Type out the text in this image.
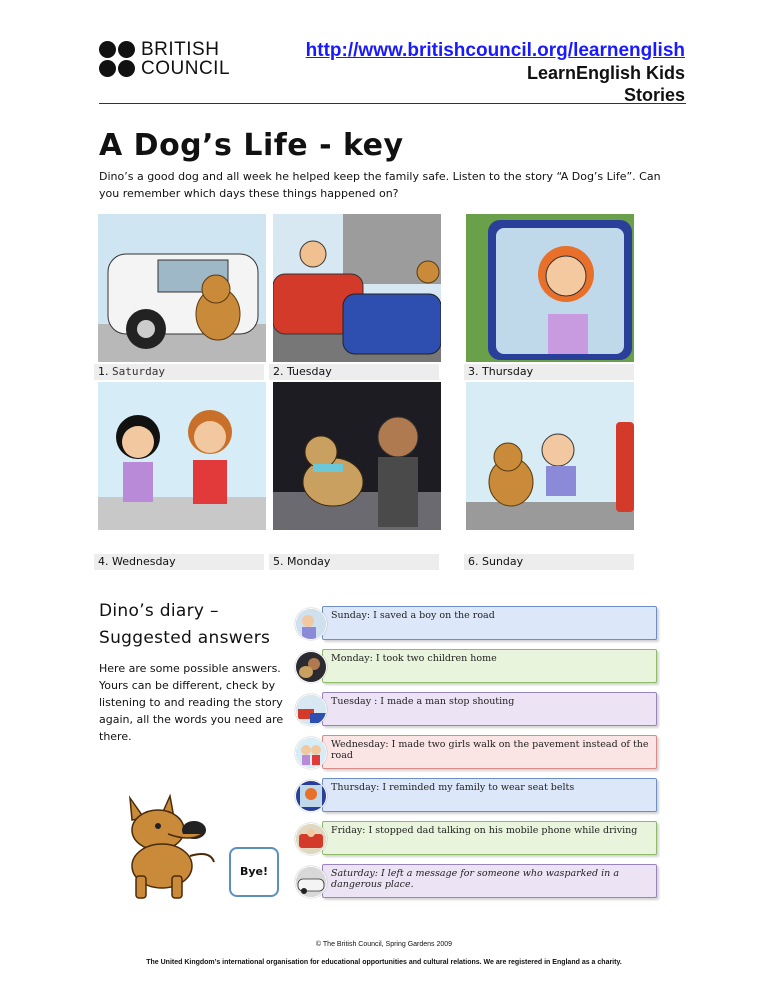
BRITISH
COUNCIL
http://www.britishcouncil.org/learnenglish
LearnEnglish Kids
Stories
A Dog’s Life - key
Dino’s a good dog and all week he helped keep the family safe. Listen to the story “A Dog’s Life”. Can you remember which days these things happened on?
1. Saturday	2. Tuesday	3. Thursday
4. Wednesday	5. Monday	6. Sunday
Dino’s diary –
Suggested answers
Here are some possible answers. Yours can be different, check by listening to and reading the story again, all the words you need are there.
Sunday: I saved a boy on the road
Monday: I took two children home
Tuesday : I made a man stop shouting
Wednesday: I made two girls walk on the pavement instead of the road
Thursday: I reminded my family to wear seat belts
Friday: I stopped dad talking on his mobile phone while driving
Saturday: I left a message for someone who wasparked in a dangerous place.
Bye!
© The British Council, Spring Gardens 2009
The United Kingdom’s international organisation for educational opportunities and cultural relations. We are registered in England as a charity.
